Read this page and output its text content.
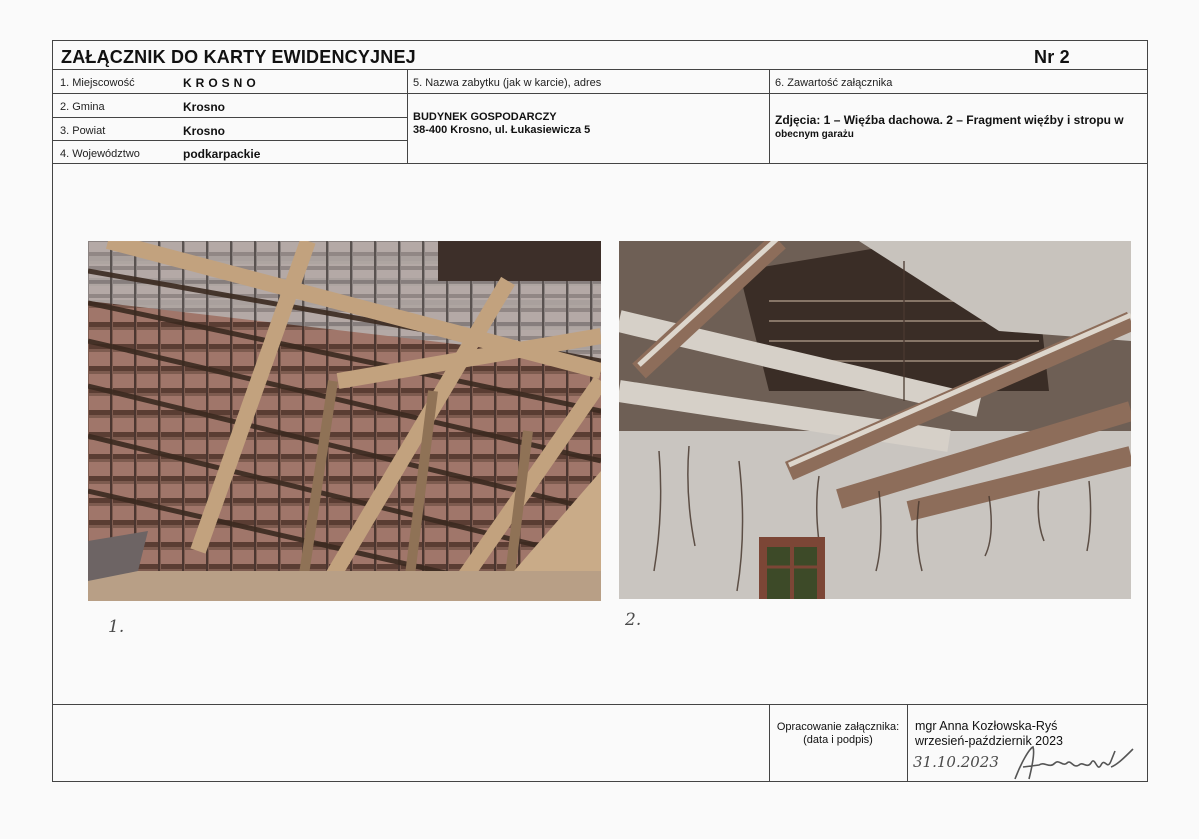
ZAŁĄCZNIK DO KARTY EWIDENCYJNEJ	Nr 2
1. Miejscowość	KROSNO
2. Gmina	Krosno
3. Powiat	Krosno
4. Województwo	podkarpackie
5. Nazwa zabytku (jak w karcie), adres
BUDYNEK GOSPODARCZY
38-400 Krosno, ul. Łukasiewicza 5
6. Zawartość załącznika
Zdjęcia: 1 – Więźba dachowa. 2 – Fragment więźby i stropu w
obecnym garażu
1.	2.
Opracowanie załącznika:
(data i podpis)
mgr Anna Kozłowska-Ryś
wrzesień-październik 2023
31.10.2023
